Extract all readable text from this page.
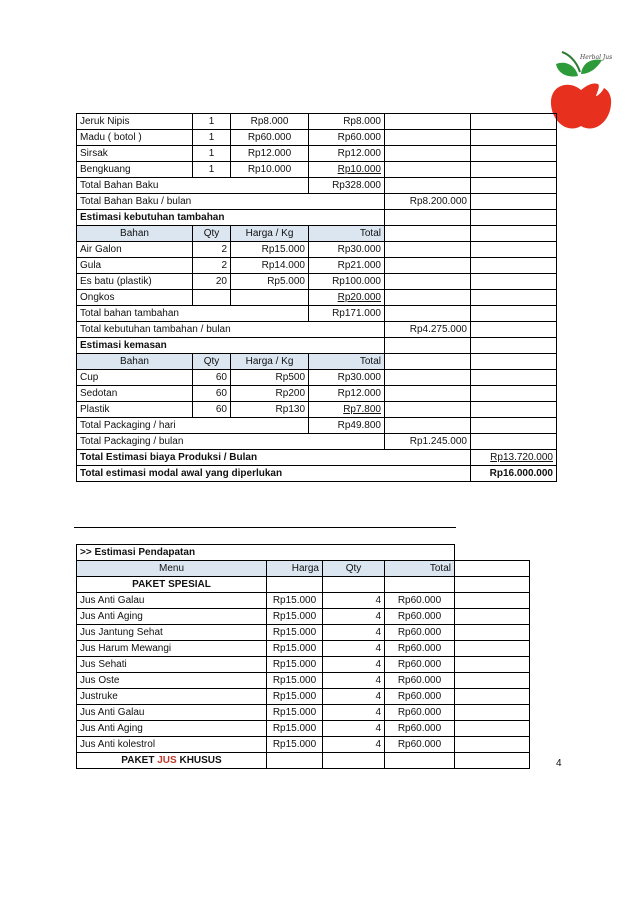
Herbal Jus
Jeruk Nipis	1	Rp8.000	Rp8.000		
Madu ( botol )	1	Rp60.000	Rp60.000		
Sirsak	1	Rp12.000	Rp12.000		
Bengkuang	1	Rp10.000	Rp10.000		
Total Bahan Baku			Rp328.000		
Total Bahan Baku / bulan				Rp8.200.000	
Estimasi kebutuhan tambahan					
Bahan	Qty	Harga / Kg	Total		
Air Galon	2	Rp15.000	Rp30.000		
Gula	2	Rp14.000	Rp21.000		
Es batu (plastik)	20	Rp5.000	Rp100.000		
Ongkos			Rp20.000		
Total bahan tambahan			Rp171.000		
Total kebutuhan tambahan / bulan				Rp4.275.000	
Estimasi kemasan					
Bahan	Qty	Harga / Kg	Total		
Cup	60	Rp500	Rp30.000		
Sedotan	60	Rp200	Rp12.000		
Plastik	60	Rp130	Rp7.800		
Total Packaging / hari			Rp49.800		
Total Packaging / bulan				Rp1.245.000	
Total Estimasi biaya Produksi / Bulan					Rp13.720.000
Total estimasi modal awal yang diperlukan					Rp16.000.000
>> Estimasi Pendapatan				
Menu	Harga	Qty	Total	
PAKET SPESIAL				
Jus Anti Galau	Rp15.000	4	Rp60.000	
Jus Anti Aging	Rp15.000	4	Rp60.000	
Jus Jantung Sehat	Rp15.000	4	Rp60.000	
Jus Harum Mewangi	Rp15.000	4	Rp60.000	
Jus Sehati	Rp15.000	4	Rp60.000	
Jus Oste	Rp15.000	4	Rp60.000	
Justruke	Rp15.000	4	Rp60.000	
Jus Anti Galau	Rp15.000	4	Rp60.000	
Jus Anti Aging	Rp15.000	4	Rp60.000	
Jus Anti kolestrol	Rp15.000	4	Rp60.000	
PAKET JUS KHUSUS					4
